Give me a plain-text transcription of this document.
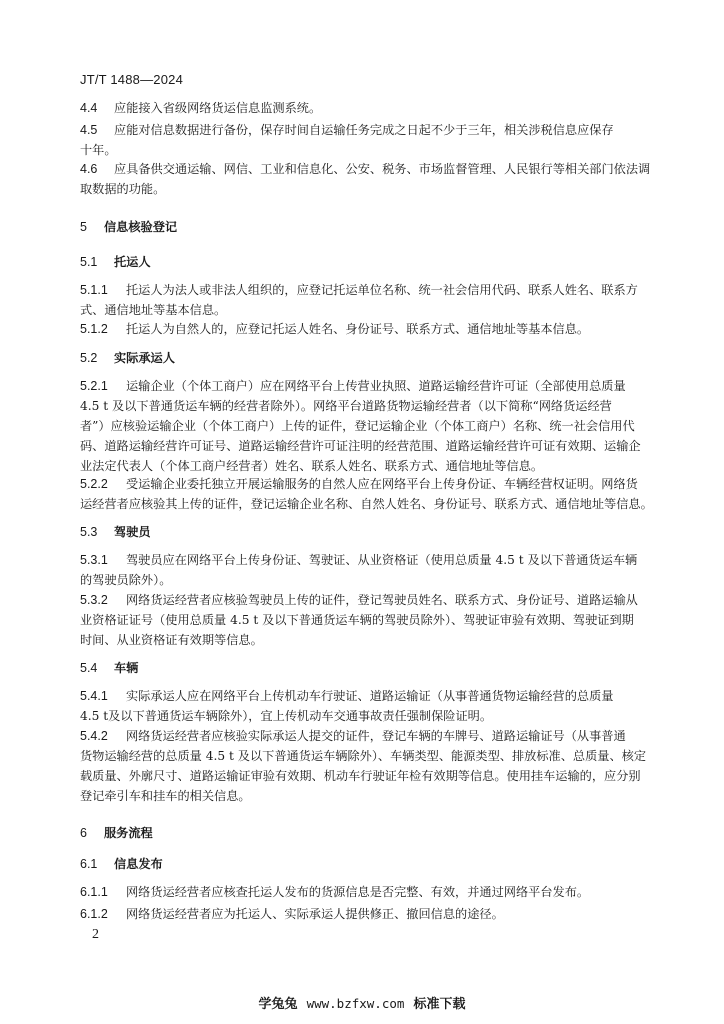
JT/T 1488—2024
4.4 应能接入省级网络货运信息监测系统。
4.5 应能对信息数据进行备份，保存时间自运输任务完成之日起不少于三年，相关涉税信息应保存
十年。
4.6 应具备供交通运输、网信、工业和信息化、公安、税务、市场监督管理、人民银行等相关部门依法调
取数据的功能。
5 信息核验登记
5.1 托运人
5.1.1 托运人为法人或非法人组织的，应登记托运单位名称、统一社会信用代码、联系人姓名、联系方
式、通信地址等基本信息。
5.1.2 托运人为自然人的，应登记托运人姓名、身份证号、联系方式、通信地址等基本信息。
5.2 实际承运人
5.2.1 运输企业（个体工商户）应在网络平台上传营业执照、道路运输经营许可证（全部使用总质量
4.5 t 及以下普通货运车辆的经营者除外）。网络平台道路货物运输经营者（以下简称“网络货运经营
者”）应核验运输企业（个体工商户）上传的证件，登记运输企业（个体工商户）名称、统一社会信用代
码、道路运输经营许可证号、道路运输经营许可证注明的经营范围、道路运输经营许可证有效期、运输企
业法定代表人（个体工商户经营者）姓名、联系人姓名、联系方式、通信地址等信息。
5.2.2 受运输企业委托独立开展运输服务的自然人应在网络平台上传身份证、车辆经营权证明。网络货
运经营者应核验其上传的证件，登记运输企业名称、自然人姓名、身份证号、联系方式、通信地址等信息。
5.3 驾驶员
5.3.1 驾驶员应在网络平台上传身份证、驾驶证、从业资格证（使用总质量 4.5 t 及以下普通货运车辆
的驾驶员除外）。
5.3.2 网络货运经营者应核验驾驶员上传的证件，登记驾驶员姓名、联系方式、身份证号、道路运输从
业资格证证号（使用总质量 4.5 t 及以下普通货运车辆的驾驶员除外）、驾驶证审验有效期、驾驶证到期
时间、从业资格证有效期等信息。
5.4 车辆
5.4.1 实际承运人应在网络平台上传机动车行驶证、道路运输证（从事普通货物运输经营的总质量
4.5 t及以下普通货运车辆除外），宜上传机动车交通事故责任强制保险证明。
5.4.2 网络货运经营者应核验实际承运人提交的证件，登记车辆的车牌号、道路运输证号（从事普通
货物运输经营的总质量 4.5 t 及以下普通货运车辆除外）、车辆类型、能源类型、排放标准、总质量、核定
载质量、外廓尺寸、道路运输证审验有效期、机动车行驶证年检有效期等信息。使用挂车运输的，应分别
登记牵引车和挂车的相关信息。
6 服务流程
6.1 信息发布
6.1.1 网络货运经营者应核查托运人发布的货源信息是否完整、有效，并通过网络平台发布。
6.1.2 网络货运经营者应为托运人、实际承运人提供修正、撤回信息的途径。
2
学兔兔 www.bzfxw.com 标准下载
